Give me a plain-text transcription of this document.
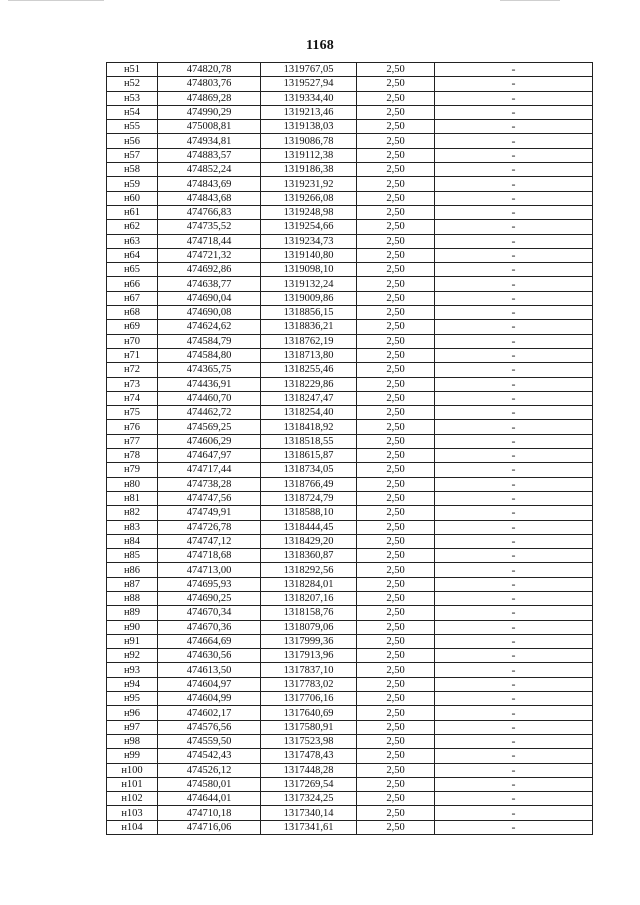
1168
н51	474820,78	1319767,05	2,50	-
н52	474803,76	1319527,94	2,50	-
н53	474869,28	1319334,40	2,50	-
н54	474990,29	1319213,46	2,50	-
н55	475008,81	1319138,03	2,50	-
н56	474934,81	1319086,78	2,50	-
н57	474883,57	1319112,38	2,50	-
н58	474852,24	1319186,38	2,50	-
н59	474843,69	1319231,92	2,50	-
н60	474843,68	1319266,08	2,50	-
н61	474766,83	1319248,98	2,50	-
н62	474735,52	1319254,66	2,50	-
н63	474718,44	1319234,73	2,50	-
н64	474721,32	1319140,80	2,50	-
н65	474692,86	1319098,10	2,50	-
н66	474638,77	1319132,24	2,50	-
н67	474690,04	1319009,86	2,50	-
н68	474690,08	1318856,15	2,50	-
н69	474624,62	1318836,21	2,50	-
н70	474584,79	1318762,19	2,50	-
н71	474584,80	1318713,80	2,50	-
н72	474365,75	1318255,46	2,50	-
н73	474436,91	1318229,86	2,50	-
н74	474460,70	1318247,47	2,50	-
н75	474462,72	1318254,40	2,50	-
н76	474569,25	1318418,92	2,50	-
н77	474606,29	1318518,55	2,50	-
н78	474647,97	1318615,87	2,50	-
н79	474717,44	1318734,05	2,50	-
н80	474738,28	1318766,49	2,50	-
н81	474747,56	1318724,79	2,50	-
н82	474749,91	1318588,10	2,50	-
н83	474726,78	1318444,45	2,50	-
н84	474747,12	1318429,20	2,50	-
н85	474718,68	1318360,87	2,50	-
н86	474713,00	1318292,56	2,50	-
н87	474695,93	1318284,01	2,50	-
н88	474690,25	1318207,16	2,50	-
н89	474670,34	1318158,76	2,50	-
н90	474670,36	1318079,06	2,50	-
н91	474664,69	1317999,36	2,50	-
н92	474630,56	1317913,96	2,50	-
н93	474613,50	1317837,10	2,50	-
н94	474604,97	1317783,02	2,50	-
н95	474604,99	1317706,16	2,50	-
н96	474602,17	1317640,69	2,50	-
н97	474576,56	1317580,91	2,50	-
н98	474559,50	1317523,98	2,50	-
н99	474542,43	1317478,43	2,50	-
н100	474526,12	1317448,28	2,50	-
н101	474580,01	1317269,54	2,50	-
н102	474644,01	1317324,25	2,50	-
н103	474710,18	1317340,14	2,50	-
н104	474716,06	1317341,61	2,50	-
